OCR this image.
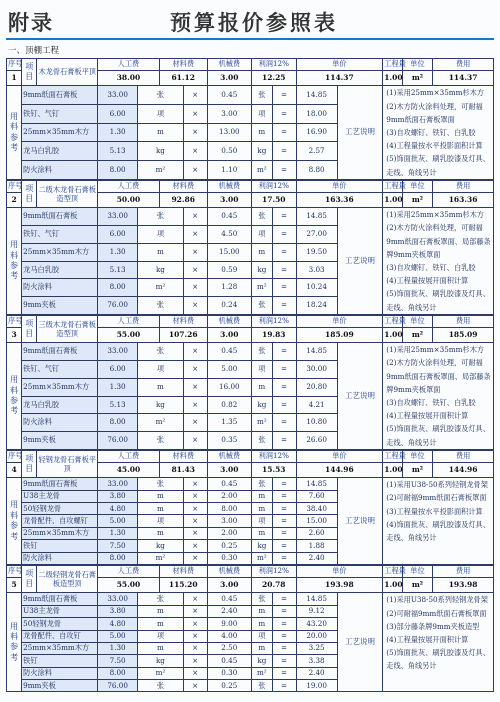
附录	预算报价参照表
一、顶棚工程
序号	项目	木龙骨石膏板平顶	人工费		材料费		机械费	利润12%		单价		工程量	单位	费用
1			38.00		61.12		3.00	12.25		114.37		1.00	m²	114.37
用料参考	9mm纸面石膏板		33.00	张		×	0.45	张	=	14.85	工艺说明	(1)采用25mm×35mm杉木方
(2)木方防火涂料处理，可耐福9mm纸面石膏板罩面
(3)自攻螺钉、铁钉、白乳胶
(4)工程量按水平投影面积计算
(5)饰面批灰、刷乳胶漆及灯具、走线、角线另计		

	铁钉、气钉		6.00	项		×	3.00	项	=	18.00				
	25mm×35mm木方		1.30	m		×	13.00	m	=	16.90				
	龙马白乳胶		5.13	kg		×	0.50	kg	=	2.57				
	防火涂料		8.00	m²		×	1.10	m²	=	8.80				
序号	项目	二级木龙骨石膏板造型顶	人工费		材料费		机械费	利润12%		单价		工程量	单位	费用
2			50.00		92.86		3.00	17.50		163.36		1.00	m²	163.36
用料参考	9mm纸面石膏板		33.00	张		×	0.45	张	=	14.85	工艺说明	(1)采用25mm×35mm杉木方
(2)木方防火涂料处理，可耐福9mm纸面石膏板罩面、局部藤条牌9mm夹板罩面
(3)自攻螺钉、铁钉、白乳胶
(4)工程量按展开面积计算
(5)饰面批灰、刷乳胶漆及灯具、走线、角线另计		

	铁钉、气钉		6.00	项		×	4.50	项	=	27.00				
	25mm×35mm木方		1.30	m		×	15.00	m	=	19.50				
	龙马白乳胶		5.13	kg		×	0.59	kg	=	3.03				
	防火涂料		8.00	m²		×	1.28	m²	=	10.24				
	9mm夹板		76.00	张		×	0.24	张	=	18.24				
序号	项目	三级木龙骨石膏板造型顶	人工费		材料费		机械费	利润12%		单价		工程量	单位	费用
3			55.00		107.26		3.00	19.83		185.09		1.00	m²	185.09
用料参考	9mm纸面石膏板		33.00	张		×	0.45	张	=	14.85	工艺说明	(1)采用25mm×35mm杉木方
(2)木方防火涂料处理，可耐福9mm纸面石膏板罩面、局部藤条牌9mm夹板罩面
(3)自攻螺钉、铁钉、白乳胶
(4)工程量按展开面积计算
(5)饰面批灰、刷乳胶漆及灯具、走线、角线另计		

	铁钉、气钉		6.00	项		×	5.00	项	=	30.00				
	25mm×35mm木方		1.30	m		×	16.00	m	=	20.80				
	龙马白乳胶		5.13	kg		×	0.82	kg	=	4.21				
	防火涂料		8.00	m²		×	1.35	m²	=	10.80				
	9mm夹板		76.00	张		×	0.35	张	=	26.60				
序号	项目	轻钢龙骨石膏板平顶	人工费		材料费		机械费	利润12%		单价		工程量	单位	费用
4			45.00		81.43		3.00	15.53		144.96		1.00	m²	144.96
用料参考	9mm纸面石膏板		33.00	张		×	0.45	张	=	14.85	工艺说明	(1)采用U38-50系列轻钢龙骨架
(2)可耐福9mm纸面石膏板罩面
(3)工程量按水平投影面积计算
(4)饰面批灰、刷乳胶漆及灯具、走线、角线另计		

	U38主龙骨		3.80	m		×	2.00	m	=	7.60				
	50轻钢龙骨		4.80	m		×	8.00	m	=	38.40				
	龙骨配件、自攻螺钉		5.00	项		×	3.00	项	=	15.00				
	25mm×35mm木方		1.30	m		×	2.00	m	=	2.60				
	铁钉		7.50	kg		×	0.25	kg	=	1.88				
	防火涂料		8.00	m²		×	0.30	m²	=	2.40				
序号	项目	二级轻钢龙骨石膏板造型顶	人工费		材料费		机械费	利润12%		单价		工程量	单位	费用
5			55.00		115.20		3.00	20.78		193.98		1.00	m²	193.98
用料参考	9mm纸面石膏板		33.00	张		×	0.45	张	=	14.85	工艺说明	(1)采用U38-50系列轻钢龙骨架
(2)可耐福9mm纸面石膏板罩面
(3)部分藤条牌9mm夹板造型
(4)工程量按展开面积计算
(5)饰面批灰、刷乳胶漆及灯具、走线、角线另计		

	U38主龙骨		3.80	m		×	2.40	m	=	9.12				
	50轻钢龙骨		4.80	m		×	9.00	m	=	43.20				
	龙骨配件、自攻钉		5.00	项		×	4.00	项	=	20.00				
	25mm×35mm木方		1.30	m		×	2.50	m	=	3.25				
	铁钉		7.50	kg		×	0.45	kg	=	3.38				
	防火涂料		8.00	m²		×	0.30	m²	=	2.40				
	9mm夹板		76.00	张		×	0.25	张	=	19.00				
